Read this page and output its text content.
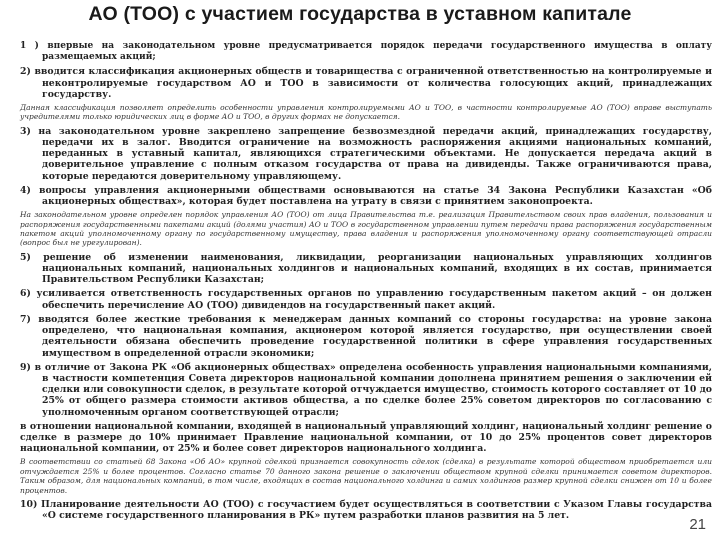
АО (ТОО) с участием государства в уставном капитале
1 ) впервые на законодательном уровне предусматривается порядок передачи государственного имущества в оплату размещаемых акций;
2) вводится классификация акционерных обществ и товарищества с ограниченной ответственностью на контролируемые и неконтролируемые государством АО и ТОО в зависимости от количества голосующих акций, принадлежащих государству.
Данная классификация позволяет определить особенности управления контролируемыми АО и ТОО, в частности контролируемые АО (ТОО) вправе выступать учредителями только юридических лиц в форме АО и ТОО, в других формах не допускается.
3) на законодательном уровне закреплено запрещение безвозмездной передачи акций, принадлежащих государству, передачи их в залог. Вводится ограничение на возможность распоряжения акциями национальных компаний, переданных в уставный капитал, являющихся стратегическими объектами. Не допускается передача акций в доверительное управление с полным отказом государства от права на дивиденды. Также ограничиваются права, которые передаются доверительному управляющему.
4) вопросы управления акционерными обществами основываются на статье 34 Закона Республики Казахстан «Об акционерных обществах», которая будет поставлена на утрату в связи с принятием законопроекта.
На законодательном уровне определен порядок управления АО (ТОО) от лица Правительства т.е. реализация Правительством своих прав владения, пользования и распоряжения государственными пакетами акций (долями участия) АО и ТОО в государственном управлении путем передачи права распоряжения государственным пакетом акций уполномоченному органу по государственному имуществу, права владения и распоряжения уполномоченному органу соответствующей отрасли (вопрос был не урегулирован).
5) решение об изменении наименования, ликвидации, реорганизации национальных управляющих холдингов национальных компаний, национальных холдингов и национальных компаний, входящих в их состав, принимается Правительством Республики Казахстан;
6) усиливается ответственность государственных органов по управлению государственным пакетом акций – он должен обеспечить перечисление АО (ТОО) дивидендов на государственный пакет акций.
7) вводятся более жесткие требования к менеджерам данных компаний со стороны государства: на уровне закона определено, что национальная компания, акционером которой является государство, при осуществлении своей деятельности обязана обеспечить проведение государственной политики в сфере управления государственных имуществом в определенной отрасли экономики;
9) в отличие от Закона РК «Об акционерных обществах» определена особенность управления национальными компаниями, в частности компетенция Совета директоров национальной компании дополнена принятием решения о заключении ей сделки или совокупности сделок, в результате которой отчуждается имущество, стоимость которого составляет от 10 до 25% от общего размера стоимости активов общества, а по сделке более 25% советом директоров по согласованию с уполномоченным органом соответствующей отрасли;
в отношении национальной компании, входящей в национальный управляющий холдинг, национальный холдинг решение о сделке в размере до 10% принимает Правление национальной компании, от 10 до 25% процентов совет директоров национальной компании, от 25% и более совет директоров национального холдинга.
В соответствии со статьей 68 Закона «Об АО» крупной сделкой признается совокупность сделок (сделка) в результате которой обществом приобретается или отчуждается 25% и более процентов. Согласно статье 70 данного закона решение о заключении обществом крупной сделки принимается советом директоров. Таким образом, для национальных компаний, в том числе, входящих в состав национального холдинга и самих холдингов размер крупной сделки снижен от 10 и более процентов.
10) Планирование деятельности АО (ТОО) с госучастием будет осуществляться в соответствии с Указом Главы государства «О системе государственного планирования в РК» путем разработки планов развития на 5 лет.
21
